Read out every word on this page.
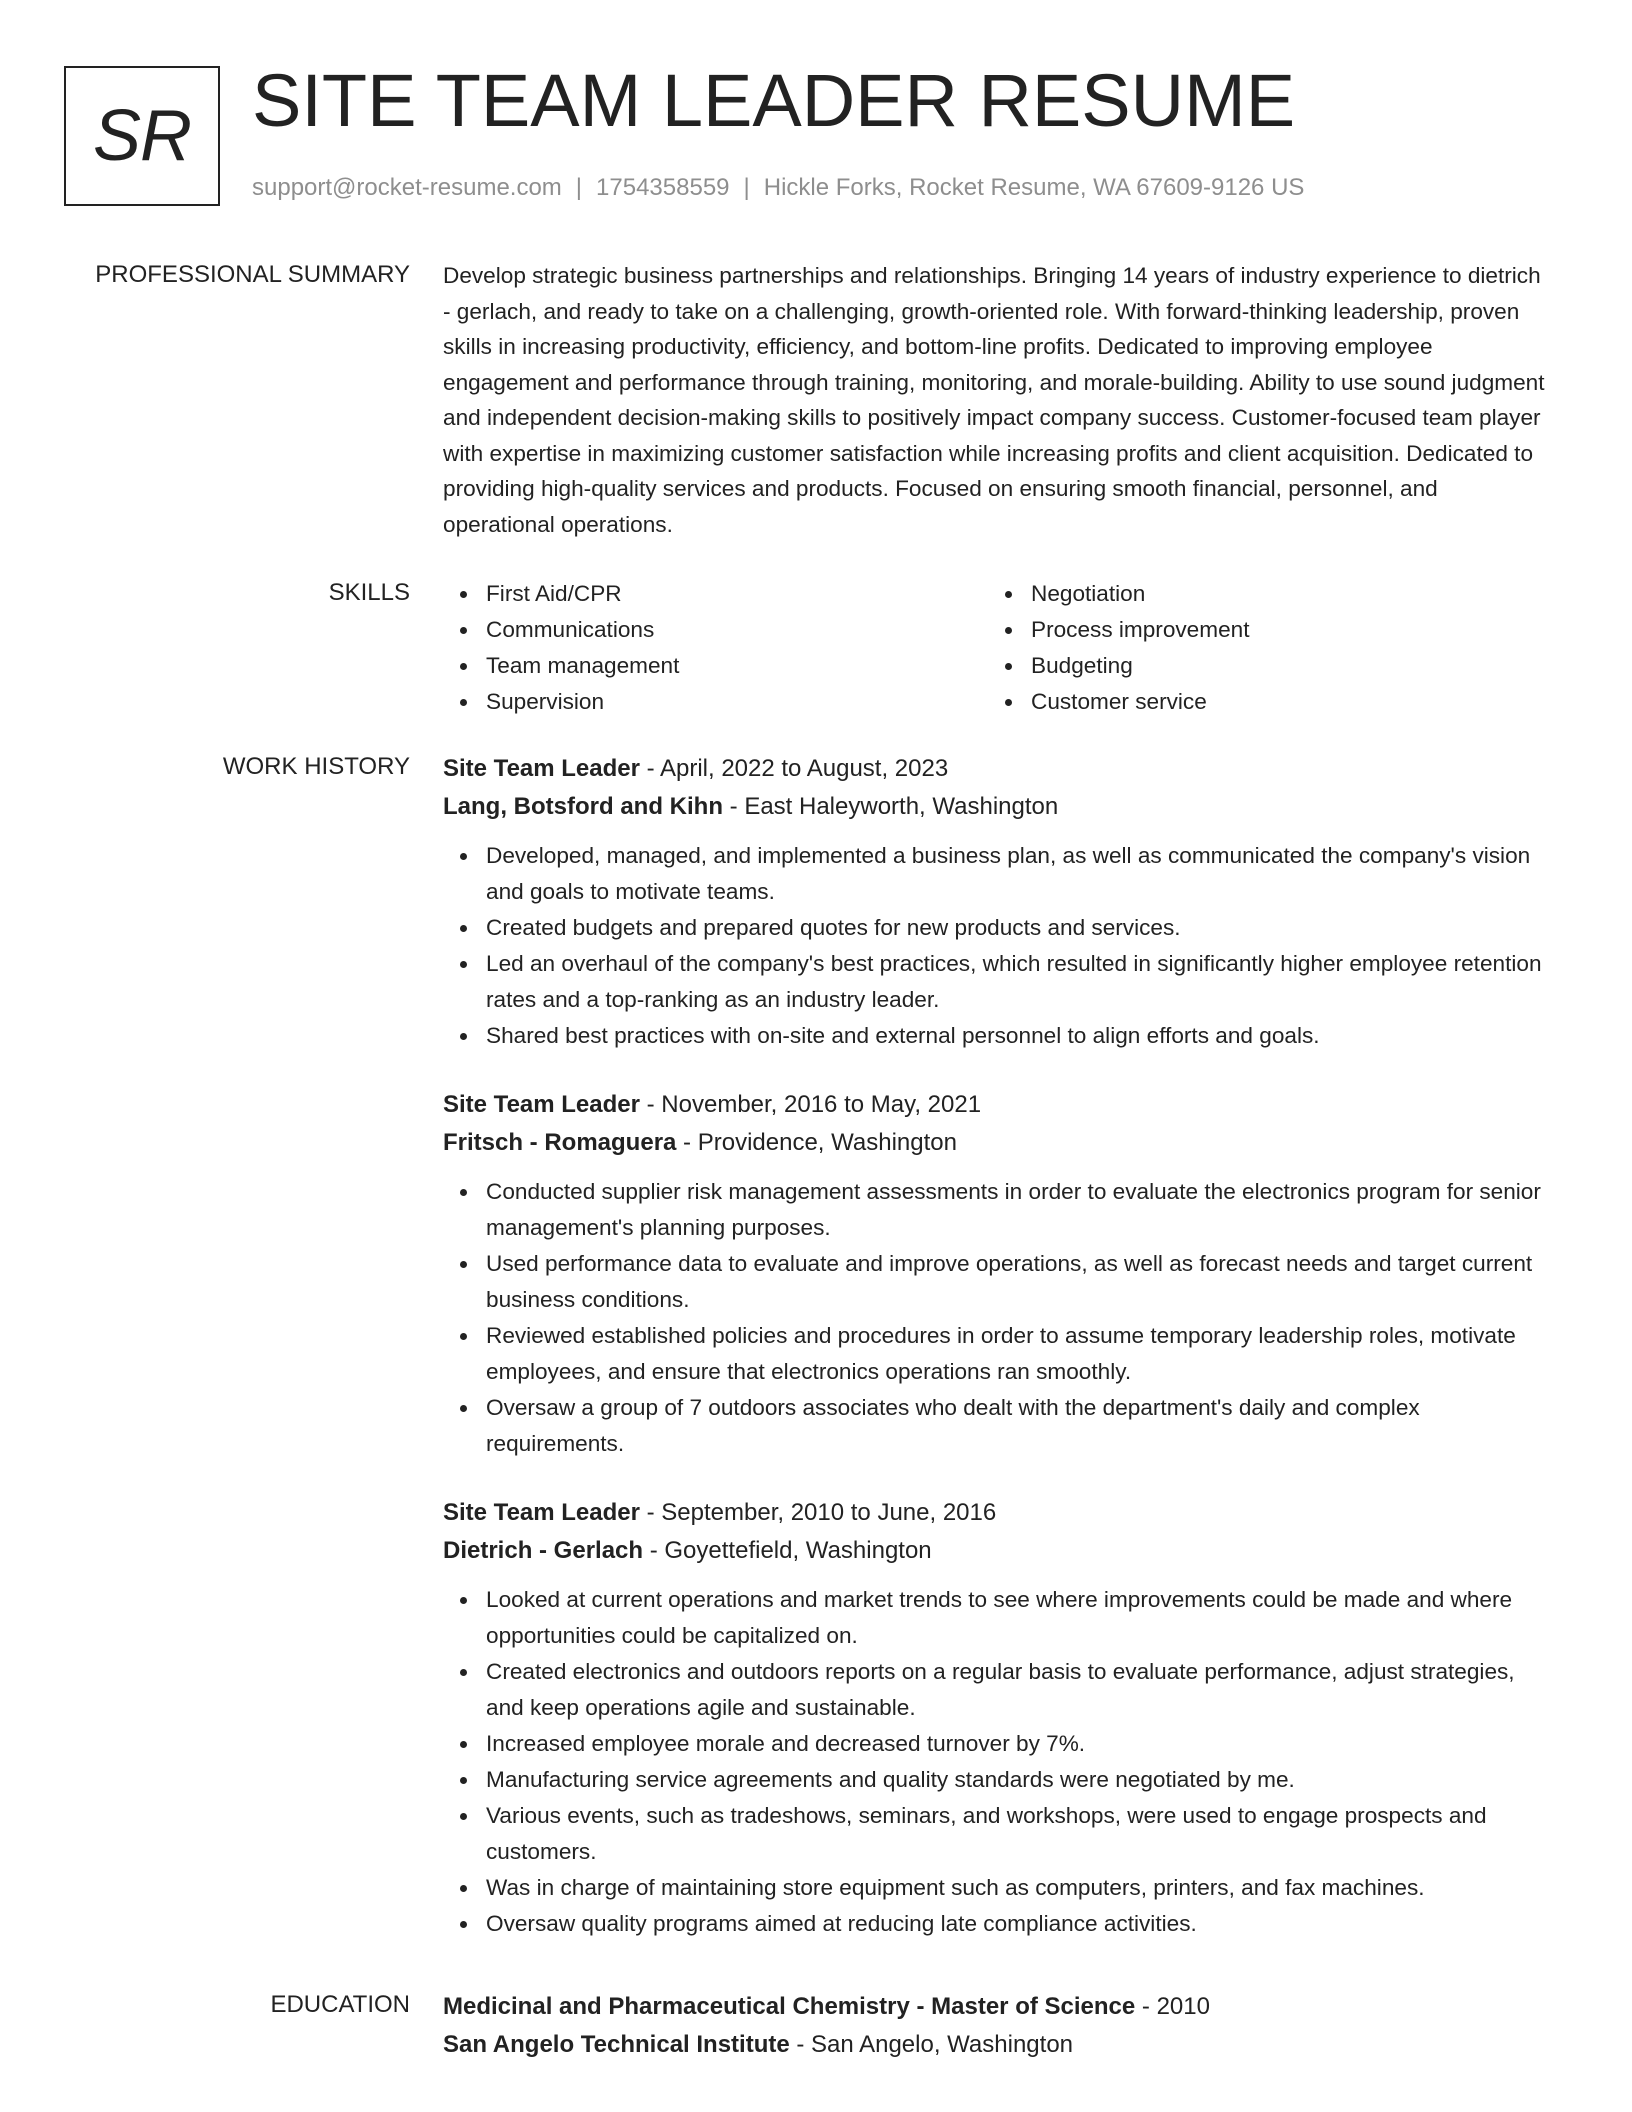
SR SITE TEAM LEADER RESUME
support@rocket-resume.com | 1754358559 | Hickle Forks, Rocket Resume, WA 67609-9126 US
PROFESSIONAL SUMMARY Develop strategic business partnerships and relationships. Bringing 14 years of industry experience to dietrich - gerlach, and ready to take on a challenging, growth-oriented role. With forward-thinking leadership, proven skills in increasing productivity, efficiency, and bottom-line profits. Dedicated to improving employee engagement and performance through training, monitoring, and morale-building. Ability to use sound judgment and independent decision-making skills to positively impact company success. Customer-focused team player with expertise in maximizing customer satisfaction while increasing profits and client acquisition. Dedicated to providing high-quality services and products. Focused on ensuring smooth financial, personnel, and operational operations.

SKILLS	First Aid/CPR
Communications
Team management
Supervision
Negotiation
Process improvement
Budgeting
Customer service
WORK HISTORY Site Team Leader - April, 2022 to August, 2023
Lang, Botsford and Kihn - East Haleyworth, Washington
Developed, managed, and implemented a business plan, as well as communicated the company's vision and goals to motivate teams.
Created budgets and prepared quotes for new products and services.
Led an overhaul of the company's best practices, which resulted in significantly higher employee retention rates and a top-ranking as an industry leader.
Shared best practices with on-site and external personnel to align efforts and goals.
Site Team Leader - November, 2016 to May, 2021
Fritsch - Romaguera - Providence, Washington
Conducted supplier risk management assessments in order to evaluate the electronics program for senior management's planning purposes.
Used performance data to evaluate and improve operations, as well as forecast needs and target current business conditions.
Reviewed established policies and procedures in order to assume temporary leadership roles, motivate employees, and ensure that electronics operations ran smoothly.
Oversaw a group of 7 outdoors associates who dealt with the department's daily and complex requirements.
Site Team Leader - September, 2010 to June, 2016
Dietrich - Gerlach - Goyettefield, Washington
Looked at current operations and market trends to see where improvements could be made and where opportunities could be capitalized on.
Created electronics and outdoors reports on a regular basis to evaluate performance, adjust strategies, and keep operations agile and sustainable.
Increased employee morale and decreased turnover by 7%.
Manufacturing service agreements and quality standards were negotiated by me.
Various events, such as tradeshows, seminars, and workshops, were used to engage prospects and customers.
Was in charge of maintaining store equipment such as computers, printers, and fax machines.
Oversaw quality programs aimed at reducing late compliance activities.
EDUCATION Medicinal and Pharmaceutical Chemistry - Master of Science - 2010
San Angelo Technical Institute - San Angelo, Washington
